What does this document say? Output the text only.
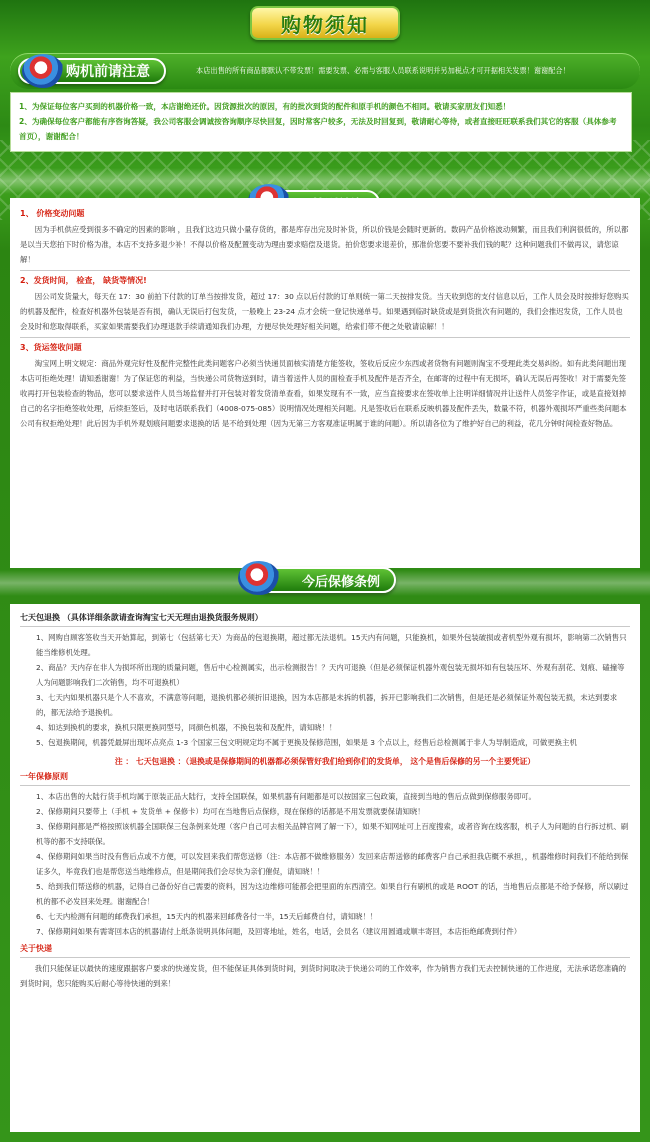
购物须知
购机前请注意	本店出售的所有商品都默认不带发票！需要发票、必需与客服人员联系说明并另加税点才可开据相关发票！谢谢配合！
1、为保证每位客户买到的机器价格一致，本店谢绝还价。因货源批次的原因，有的批次到货的配件和原手机的颜色不相同。敬请买家朋友们知悉！
2、为确保每位客户都能有序咨询答疑，我公司客服会调诚按咨询顺序尽快回复，因时常客户较多，无法及时回复到，敬请耐心等待，或者直接旺旺联系我们其它的客服（具体参考首页），谢谢配合！
1、 价格变动问题
因为手机供应受到很多不确定的因素的影响 ，且我们这边只做小量存货的，都是库存出完及时补货，所以价钱是会随时更新的。数码产品价格波动频繁，而且我们利润很低的，所以都是以当天您拍下时价格为准，本店不支持多退少补！不得以价格及配置变动为理由要求赔偿及退货。拍价您要求退差价，那准价您要不要补我们钱的呢？这种问题我们不做再议，请您谅解！
2、发货时间， 检查， 缺货等情况!
因公司发货量大，每天在 17：30 前拍下付款的订单当按排发货，超过 17：30 点以后付款的订单则统一第二天按排发货。当天收到您的支付信息以后，工作人员会及时按排好您购买的机器及配件，检查好机器外包装是否有损，确认无误后打包发货，一般晚上 23-24 点才会统一登记快递单号。如果遇到临时缺货或是到货批次有问题的，我们会推迟发货，工作人员也会及时和您取得联系，买家如果需要我们办理退款手续请通知我们办理，方便尽快处理好相关问题，给索们带不便之处敬请谅解！！
3、货运签收问题
淘宝网上明文规定：商品外观完好性及配件完整性此类问题客户必须当快递员面核实清楚方能签收，签收后反应少东西或者货物有问题则淘宝不受理此类交易纠纷。如有此类问题出现本店可拒绝处理！请知悉谢谢！为了保证您的利益，当快递公司货物送到时，请当着送件人员的面检查手机及配件是否齐全，在邮寄的过程中有无损坏，确认无误后再签收！对于需要先签收再打开包装检查的物品，您可以要求送件人员当场监督并打开包装对着发货清单查看，如果发现有不一致，应当直接要求在签收单上注明详细情况并让送件人员签字作证，或是直接划掉自己的名字拒绝签收处理，后续拒签后，及时电话联系我们（4008-075-085）说明情况处理相关问题。凡是签收后在联系反映机器及配件丢失，数量不符，机器外观损坏严重些类问题本公司有权拒绝处理！此后因为手机外观划痕问题要求退换的话 是不给到处理（因为无第三方客观准证明属于谁的问题）。所以请各位为了维护好自己的利益，花几分钟时间检查好物品。
今后保修条例
七天包退换 （具体详细条款请查询淘宝七天无理由退换货服务规则）
1、网购自顾客签收当天开始算起，到第七（包括第七天）为商品的包退换期，超过都无法退机。15天内有问题，只能换机，如果外包装破损或者机型外观有损坏，影响第二次销售只能当维修机处理。
2、商品？天内存在非人为损坏所出现的质量问题，售后中心检测属实，出示检测报告！？天内可退换（但是必须保证机器外观包装无损坏如有包装压坏、外观有刮花、划痕、磕撞等人为问题影响我们二次销售，均不可退换机）
3、七天内如果机器只是个人不喜欢，不满意等问题，退换机都必须折旧退换，因为本店都是未拆的机器，拆开已影响我们二次销售，但是还是必须保证外观包装无损，未达到要求的，都无法给予退换机。
4、如达到换机的要求，换机只限更换同型号，同颜色机器，不换包装和及配件，请知晓！！
5、包退换期间，机器凭最屏出现坏点亮点 1-3 个国家三包文明规定均不属于更换及保修范围，如果是 3 个点以上，经售后总检测属于非人为导制造成，可做更换主机
注 ： 七天包退换 ：（退换或是保修期间的机器都必须保管好我们给到你们的发货单， 这个是售后保修的另一个主要凭证）
一年保修原则
1、本店出售的大陆行货手机均属于原装正品大陆行，支持全国联保，如果机器有问题都是可以按国家三包政策，直接到当地的售后点做到保修服务即可。
2、保修期间只要带上（手机 + 发货单 + 保修卡）均可在当地售后点保修，现在保修的话都是不用发票就要保请知晓！
3、保修期间都是严格按照该机器全国联保三包条例来处理（客户自己可去相关品牌官网了解一下），如果不知网址可上百度搜索，或者咨询在线客服，机子人为问题的自行拆过机、刷机等的都不支持联保。
4、保修期间如果当时没有售后点或不方便，可以发回来我们帮您送修（注：本店都不做维修服务）发回来店帮送修的邮费客户自己承担我店概不承担，，机器维修时间我们不能给到保证多久，毕竟我们也是帮您送当地维修点，但是期间我们会尽快为亲们催促，请知晓！！
5、给到我们帮送修的机器，记得自己备份好自己需要的资料，因为这边维修可能都会把里面的东西清空。如果自行有刷机的或是 ROOT 的话，当地售后点都是不给予保修，所以刷过机的都不必发回来处理。谢谢配合！
6、七天内检测有问题的邮费我们承担，15天内的机器来回邮费各付一半，15天后邮费自付，请知晓！！
7、保修期间如果有需寄回本店的机器请付上纸条说明具体问题，及回寄地址，姓名，电话，会员名（建议用圆通或顺丰寄回，本店拒绝邮费到付件）
关于快递
我们只能保证以最快的速度跟据客户要求的快递发货，但不能保证具体到货时间，到货时间取决于快递公司的工作效率，作为销售方我们无去控制快递的工作进度，无法承诺您准确的到货时间，您只能购买后耐心等待快递的到来！
